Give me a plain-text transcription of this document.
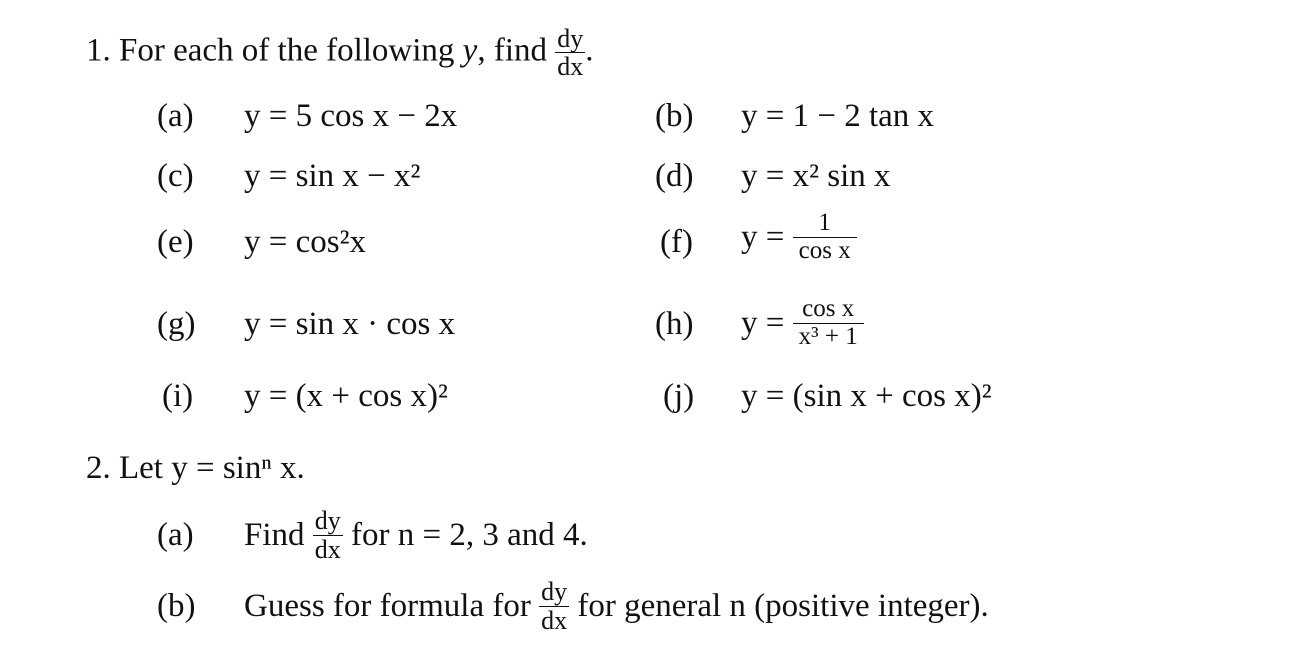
1. For each of the following y, find $\frac{dy}{dx}$ .
(a) y = 5 cos x − 2x	(b) y = 1 − 2 tan x
(c) y = sin x − x²	(d) y = x² sin x
(e) y = cos²x	(f) y =
$\frac{1}{\text{cos x}}$
(g) y = sin x · cos x	(h) y =
$\frac{\text{cos x}}{\text{x³ + 1}}$
(i) y = (x + cos x)²	(j) y = (sin x + cos x)²
2. Let y = sinⁿ x.
(a) Find
$\frac{dy}{dx}$
for n = 2, 3 and 4.
(b) Guess for formula for
$\frac{dy}{dx}$
for general n (positive integer).
